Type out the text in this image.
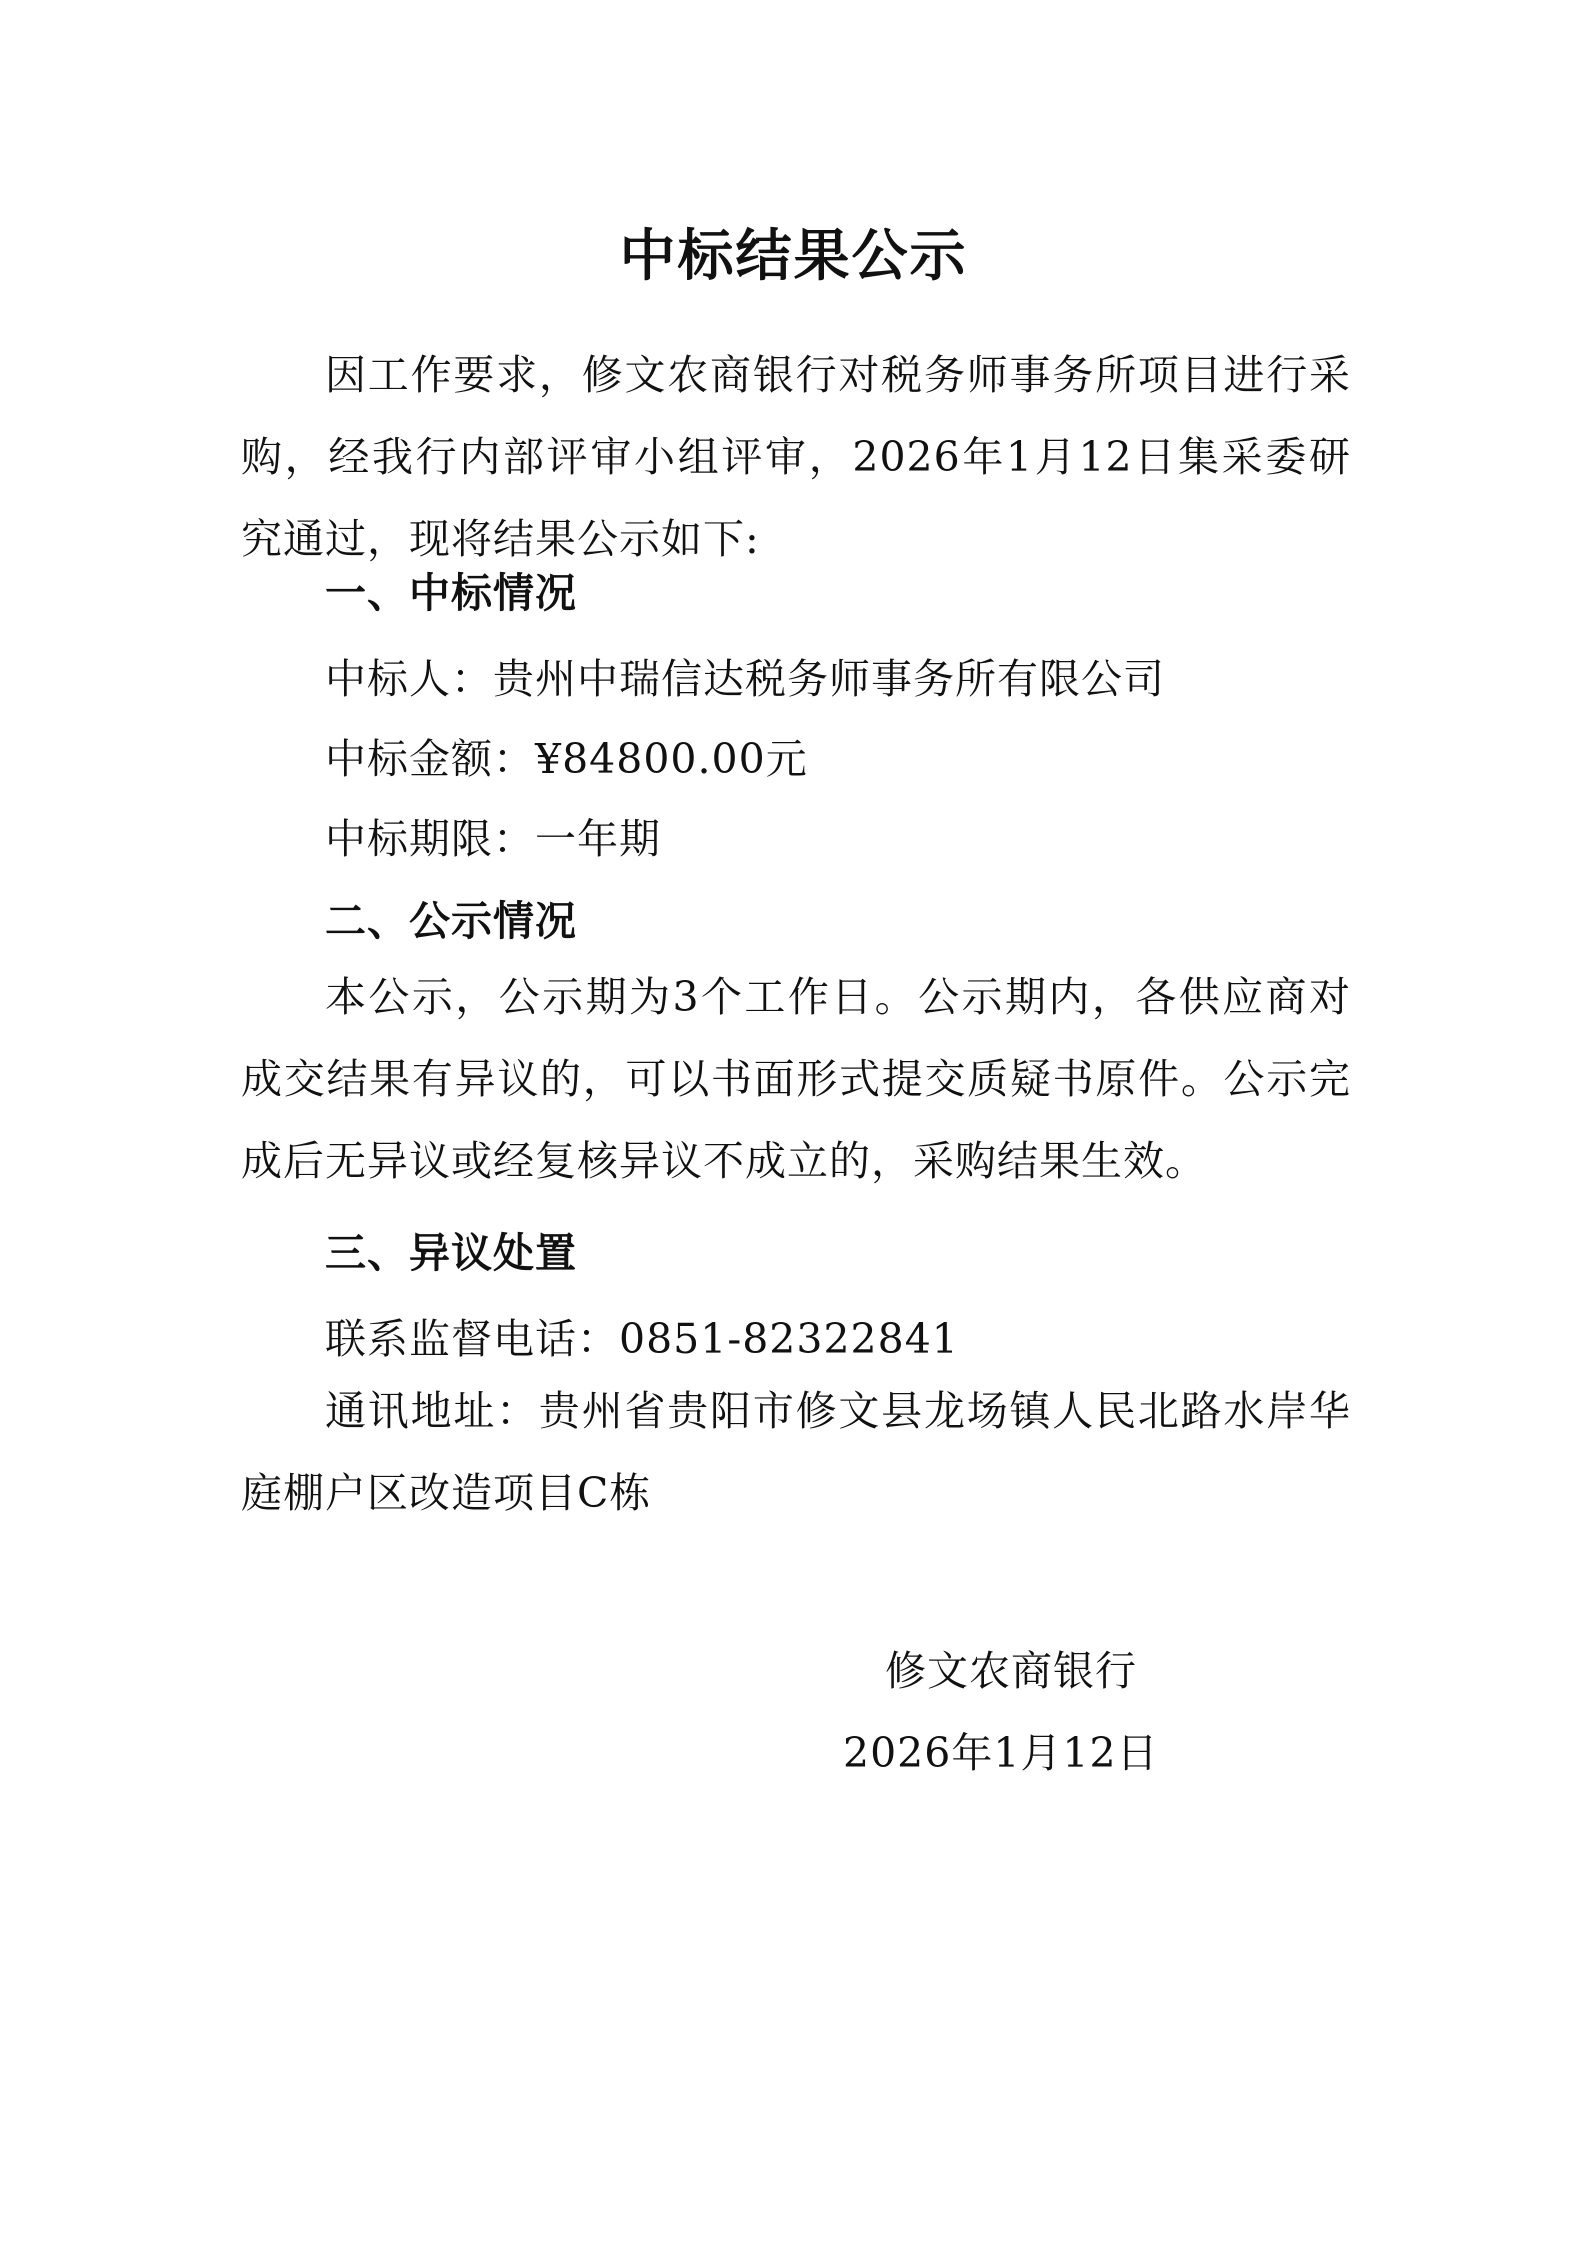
中标结果公示
因工作要求，修文农商银行对税务师事务所项目进行采购，经我行内部评审小组评审，2026年1月12日集采委研究通过，现将结果公示如下:
一、中标情况
中标人：贵州中瑞信达税务师事务所有限公司
中标金额：¥84800.00元
中标期限：一年期
二、公示情况
本公示，公示期为3个工作日。公示期内，各供应商对成交结果有异议的，可以书面形式提交质疑书原件。公示完成后无异议或经复核异议不成立的，采购结果生效。
三、异议处置
联系监督电话：0851-82322841
通讯地址：贵州省贵阳市修文县龙场镇人民北路水岸华庭棚户区改造项目C栋
修文农商银行
2026年1月12日
